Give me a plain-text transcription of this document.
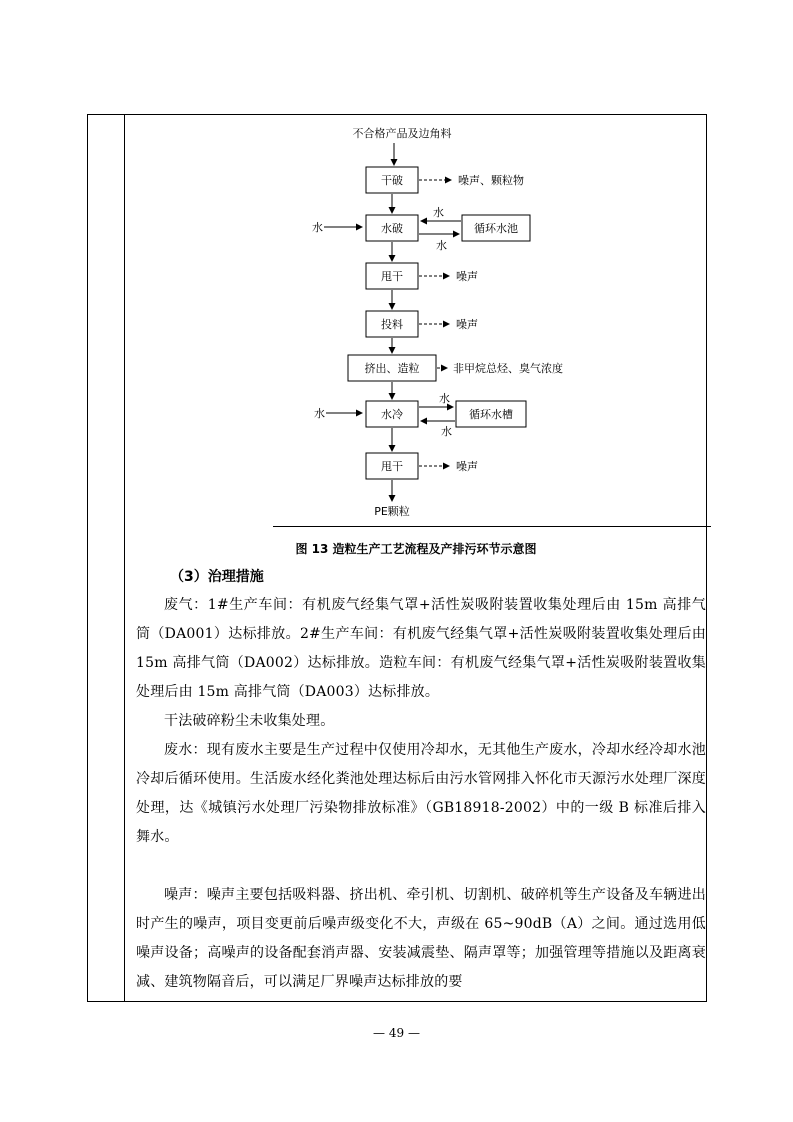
不合格产品及边角料
干破	噪声、颗粒物
水	水破	循环水池
水
水
甩干	噪声
投料	噪声
挤出、造粒	非甲烷总烃、臭气浓度
水	水冷	循环水槽
水
水
甩干	噪声
PE颗粒
图 13 造粒生产工艺流程及产排污环节示意图
（3）治理措施
废气：1#生产车间：有机废气经集气罩+活性炭吸附装置收集处理后由 15m 高排气筒（DA001）达标排放。2#生产车间：有机废气经集气罩+活性炭吸附装置收集处理后由 15m 高排气筒（DA002）达标排放。造粒车间：有机废气经集气罩+活性炭吸附装置收集处理后由 15m 高排气筒（DA003）达标排放。
干法破碎粉尘未收集处理。
废水：现有废水主要是生产过程中仅使用冷却水，无其他生产废水，冷却水经冷却水池冷却后循环使用。生活废水经化粪池处理达标后由污水管网排入怀化市天源污水处理厂深度处理，达《城镇污水处理厂污染物排放标准》（GB18918-2002）中的一级 B 标准后排入舞水。
噪声：噪声主要包括吸料器、挤出机、牵引机、切割机、破碎机等生产设备及车辆进出时产生的噪声，项目变更前后噪声级变化不大，声级在 65~90dB（A）之间。通过选用低噪声设备；高噪声的设备配套消声器、安装减震垫、隔声罩等；加强管理等措施以及距离衰减、建筑物隔音后，可以满足厂界噪声达标排放的要
— 49 —
